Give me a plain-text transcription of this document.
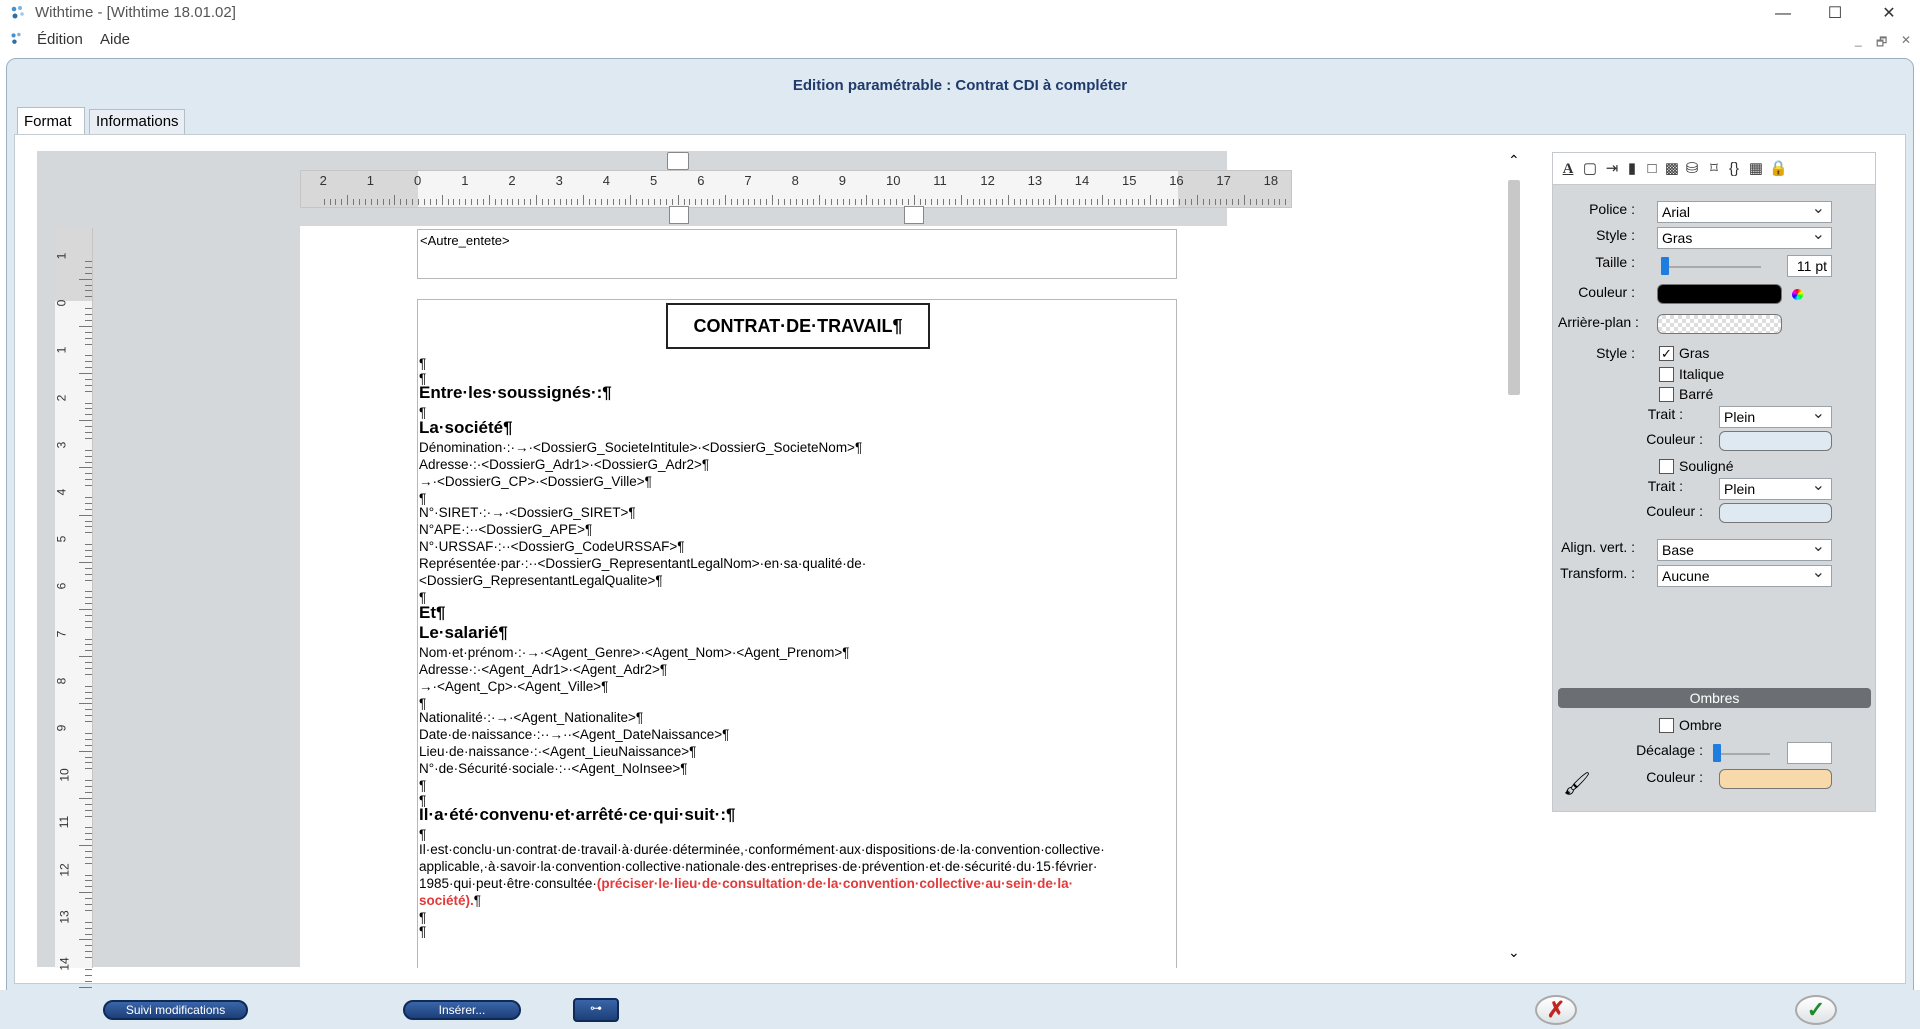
Withtime - [Withtime 18.01.02]	—	☐	✕
Édition Aide	_ 🗗 ✕
Edition paramétrable : Contrat CDI à compléter
Format	Informations
2	1	0	1	2	3	4	5	6	7	8	9	10	11	12	13	14	15	16	17	18
1
0
1
2
3
4
5
6
7
8
9
10
11
12
13
14
<Autre_entete>
CONTRAT·DE·TRAVAIL¶
¶
¶
Entre·les·soussignés·:¶
¶
La·société¶
Dénomination·:·→·<DossierG_SocieteIntitule>·<DossierG_SocieteNom>¶
Adresse·:·<DossierG_Adr1>·<DossierG_Adr2>¶
→·<DossierG_CP>·<DossierG_Ville>¶
¶
N°·SIRET·:·→·<DossierG_SIRET>¶
N°APE·:··<DossierG_APE>¶
N°·URSSAF·:··<DossierG_CodeURSSAF>¶
Représentée·par·:··<DossierG_RepresentantLegalNom>·en·sa·qualité·de·
<DossierG_RepresentantLegalQualite>¶
¶
Et¶
Le·salarié¶
Nom·et·prénom·:·→·<Agent_Genre>·<Agent_Nom>·<Agent_Prenom>¶
Adresse·:·<Agent_Adr1>·<Agent_Adr2>¶
→·<Agent_Cp>·<Agent_Ville>¶
¶
Nationalité·:·→·<Agent_Nationalite>¶
Date·de·naissance·:··→··<Agent_DateNaissance>¶
Lieu·de·naissance·:·<Agent_LieuNaissance>¶
N°·de·Sécurité·sociale·:··<Agent_NoInsee>¶
¶
¶
Il·a·été·convenu·et·arrêté·ce·qui·suit·:¶
¶
Il·est·conclu·un·contrat·de·travail·à·durée·déterminée,·conformément·aux·dispositions·de·la·convention·collective·
applicable,·à·savoir·la·convention·collective·nationale·des·entreprises·de·prévention·et·de·sécurité·du·15·février·
1985·qui·peut·être·consultée·(préciser·le·lieu·de·consultation·de·la·convention·collective·au·sein·de·la·
société).¶
¶
¶
⌃
⌄
A ▢ ⇥ ▮ □ ▩ ⛁ ⌑ {} ▦ 🔒
Police :	Arial ⌄
Style :	Gras ⌄
Taille :	11 pt
Couleur :
Arrière-plan :
Style : ✓ Gras
Italique
Barré
Trait :	Plein ⌄
Couleur :
Souligné
Trait :	Plein ⌄
Couleur :
Align. vert. :	Base ⌄
Transform. :	Aucune ⌄
Ombres
Ombre
Décalage :
Couleur :
🖌
Suivi modifications	Insérer...	⊶	✗	✓
